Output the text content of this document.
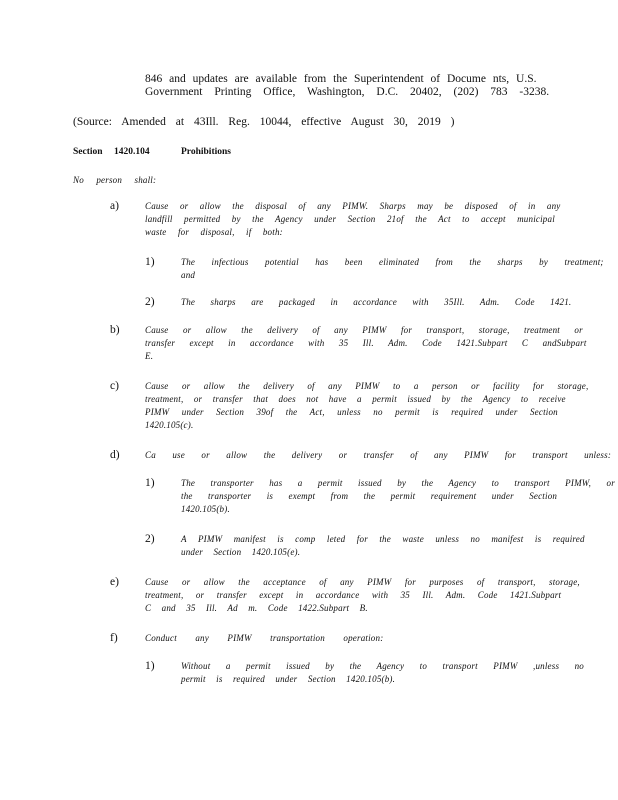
846 and updates are available from the Superintendent of Docume nts, U.S.
Government Printing Office, Washington, D.C. 20402, (202) 783 -3238.
(Source: Amended at 43Ill. Reg. 10044, effective August 30, 2019 )
Section 1420.104	Prohibitions
No person shall:
a)	Cause or allow the disposal of any PIMW. Sharps may be disposed of in any
landfill permitted by the Agency under Section 21of the Act to accept municipal
waste for disposal, if both:
1)	The infectious potential has been eliminated from the sharps by treatment;
and
2)	The sharps are packaged in accordance with 35Ill. Adm. Code 1421.
b)	Cause or allow the delivery of any PIMW for transport, storage, treatment or
transfer except in accordance with 35 Ill. Adm. Code 1421.Subpart C andSubpart
E.
c)	Cause or allow the delivery of any PIMW to a person or facility for storage,
treatment, or transfer that does not have a permit issued by the Agency to receive
PIMW under Section 39of the Act, unless no permit is required under Section
1420.105(c).
d)	Ca use or allow the delivery or transfer of any PIMW for transport unless:
1)	The transporter has a permit issued by the Agency to transport PIMW, or
the transporter is exempt from the permit requirement under Section
1420.105(b).
2)	A PIMW manifest is comp leted for the waste unless no manifest is required
under Section 1420.105(e).
e)	Cause or allow the acceptance of any PIMW for purposes of transport, storage,
treatment, or transfer except in accordance with 35 Ill. Adm. Code 1421.Subpart
C and 35 Ill. Ad m. Code 1422.Subpart B.
f)	Conduct any PIMW transportation operation:
1)	Without a permit issued by the Agency to transport PIMW ,unless no
permit is required under Section 1420.105(b).
